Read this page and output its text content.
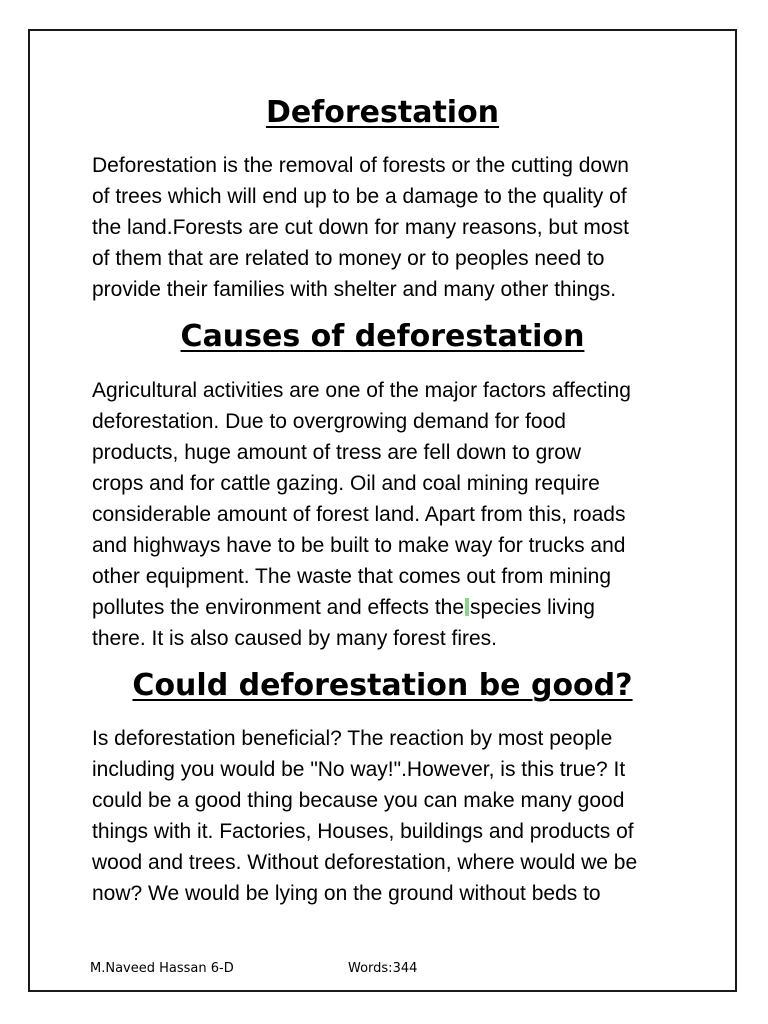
Deforestation

Deforestation is the removal of forests or the cutting down
of trees which will end up to be a damage to the quality of
the land.Forests are cut down for many reasons, but most
of them that are related to money or to peoples need to
provide their families with shelter and many other things.

Causes of deforestation

Agricultural activities are one of the major factors affecting
deforestation. Due to overgrowing demand for food
products, huge amount of tress are fell down to grow
crops and for cattle gazing. Oil and coal mining require
considerable amount of forest land. Apart from this, roads
and highways have to be built to make way for trucks and
other equipment. The waste that comes out from mining
pollutes the environment and effects the species living
there. It is also caused by many forest fires.

Could deforestation be good?

Is deforestation beneficial? The reaction by most people
including you would be "No way!".However, is this true? It
could be a good thing because you can make many good
things with it. Factories, Houses, buildings and products of
wood and trees. Without deforestation, where would we be
now? We would be lying on the ground without beds to

M.Naveed Hassan 6-D	Words:344
